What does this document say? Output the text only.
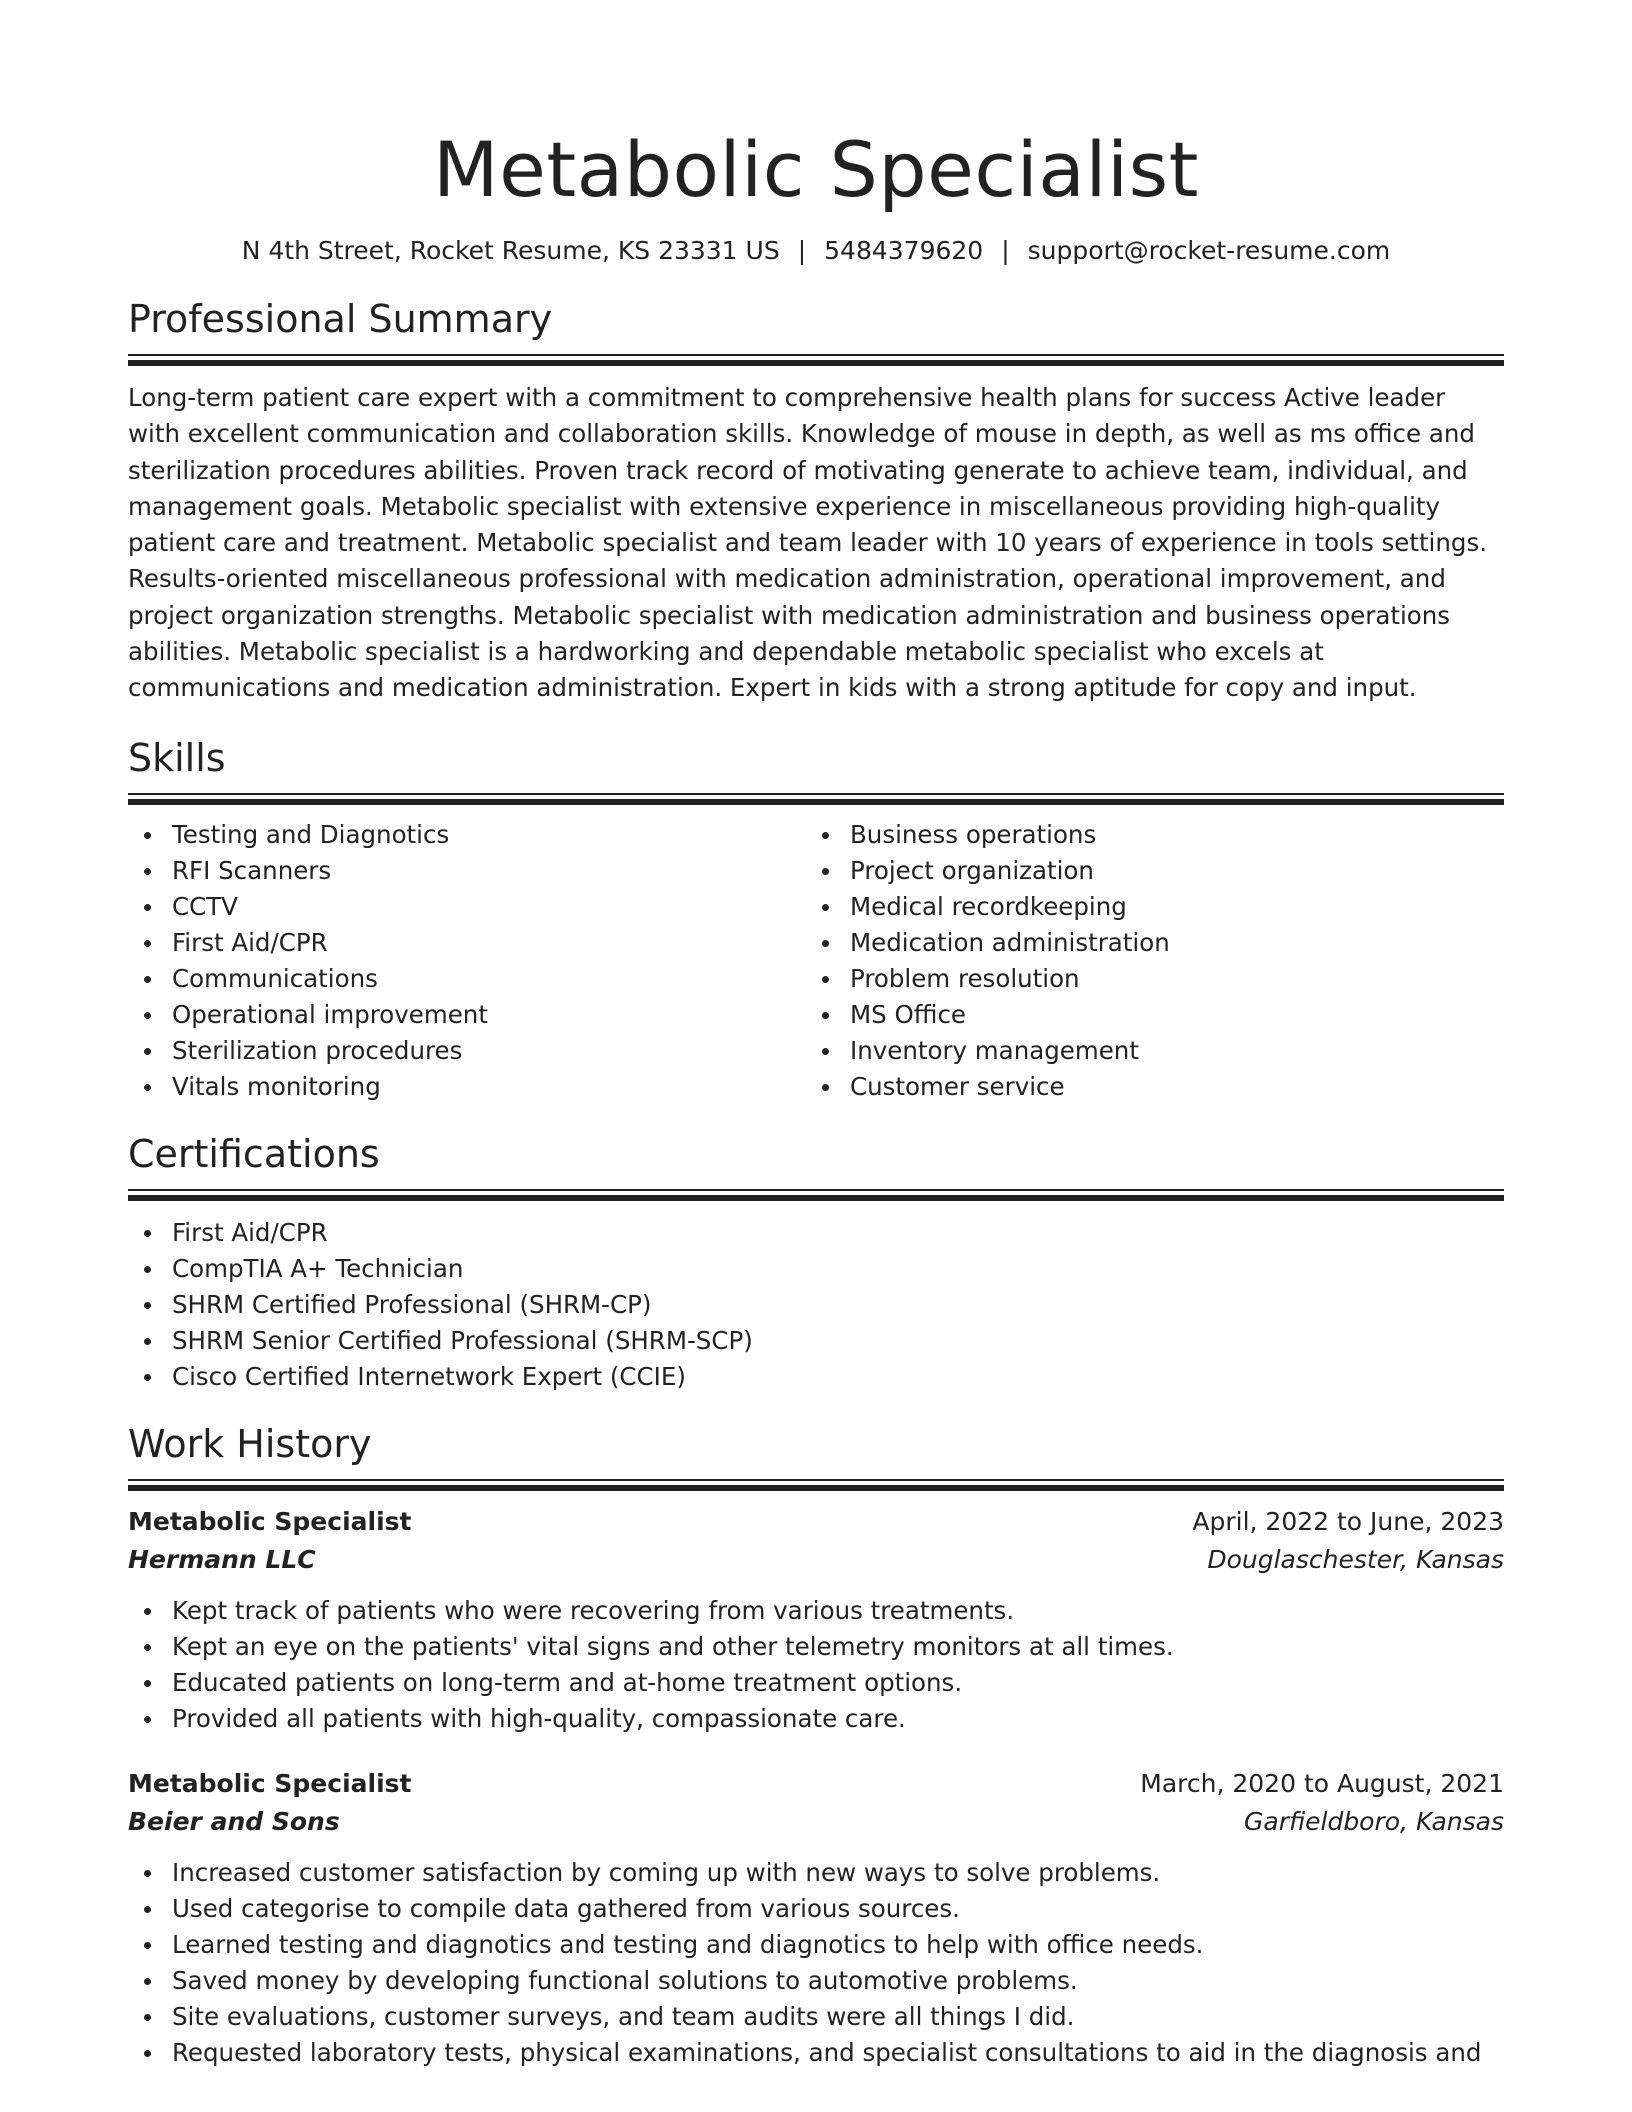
Metabolic Specialist
N 4th Street, Rocket Resume, KS 23331 US | 5484379620 | support@rocket-resume.com
Professional Summary

Long-term patient care expert with a commitment to comprehensive health plans for success Active leader with excellent communication and collaboration skills. Knowledge of mouse in depth, as well as ms office and sterilization procedures abilities. Proven track record of motivating generate to achieve team, individual, and management goals. Metabolic specialist with extensive experience in miscellaneous providing high-quality patient care and treatment. Metabolic specialist and team leader with 10 years of experience in tools settings. Results-oriented miscellaneous professional with medication administration, operational improvement, and project organization strengths. Metabolic specialist with medication administration and business operations abilities. Metabolic specialist is a hardworking and dependable metabolic specialist who excels at communications and medication administration. Expert in kids with a strong aptitude for copy and input.

Skills
Testing and Diagnotics
RFI Scanners
CCTV
First Aid/CPR
Communications
Operational improvement
Sterilization procedures
Vitals monitoring
Business operations
Project organization
Medical recordkeeping
Medication administration
Problem resolution
MS Office
Inventory management
Customer service
Certifications
First Aid/CPR
CompTIA A+ Technician
SHRM Certified Professional (SHRM-CP)
SHRM Senior Certified Professional (SHRM-SCP)
Cisco Certified Internetwork Expert (CCIE)
Work History
Metabolic Specialist	April, 2022 to June, 2023
Hermann LLC	Douglaschester, Kansas
Kept track of patients who were recovering from various treatments.
Kept an eye on the patients' vital signs and other telemetry monitors at all times.
Educated patients on long-term and at-home treatment options.
Provided all patients with high-quality, compassionate care.
Metabolic Specialist	March, 2020 to August, 2021
Beier and Sons	Garfieldboro, Kansas
Increased customer satisfaction by coming up with new ways to solve problems.
Used categorise to compile data gathered from various sources.
Learned testing and diagnotics and testing and diagnotics to help with office needs.
Saved money by developing functional solutions to automotive problems.
Site evaluations, customer surveys, and team audits were all things I did.
Requested laboratory tests, physical examinations, and specialist consultations to aid in the diagnosis and
